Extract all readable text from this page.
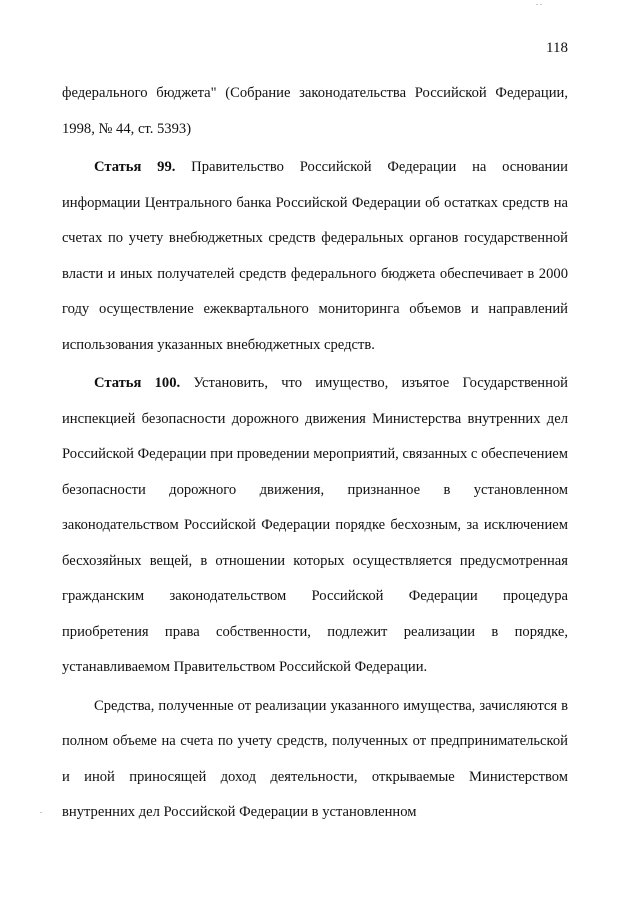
118

федерального бюджета" (Собрание законодательства Российской Федерации, 1998, № 44, ст. 5393)

Статья 99. Правительство Российской Федерации на основании информации Центрального банка Российской Федерации об остатках средств на счетах по учету внебюджетных средств федеральных органов государственной власти и иных получателей средств федерального бюджета обеспечивает в 2000 году осуществление ежеквартального мониторинга объемов и направлений использования указанных внебюджетных средств.

Статья 100. Установить, что имущество, изъятое Государственной инспекцией безопасности дорожного движения Министерства внутренних дел Российской Федерации при проведении мероприятий, связанных с обеспечением безопасности дорожного движения, признанное в установленном законодательством Российской Федерации порядке бесхозным, за исключением бесхозяйных вещей, в отношении которых осуществляется предусмотренная гражданским законодательством Российской Федерации процедура приобретения права собственности, подлежит реализации в порядке, устанавливаемом Правительством Российской Федерации.

Средства, полученные от реализации указанного имущества, зачисляются в полном объеме на счета по учету средств, полученных от предпринимательской и иной приносящей доход деятельности, открываемые Министерством внутренних дел Российской Федерации в установленном
